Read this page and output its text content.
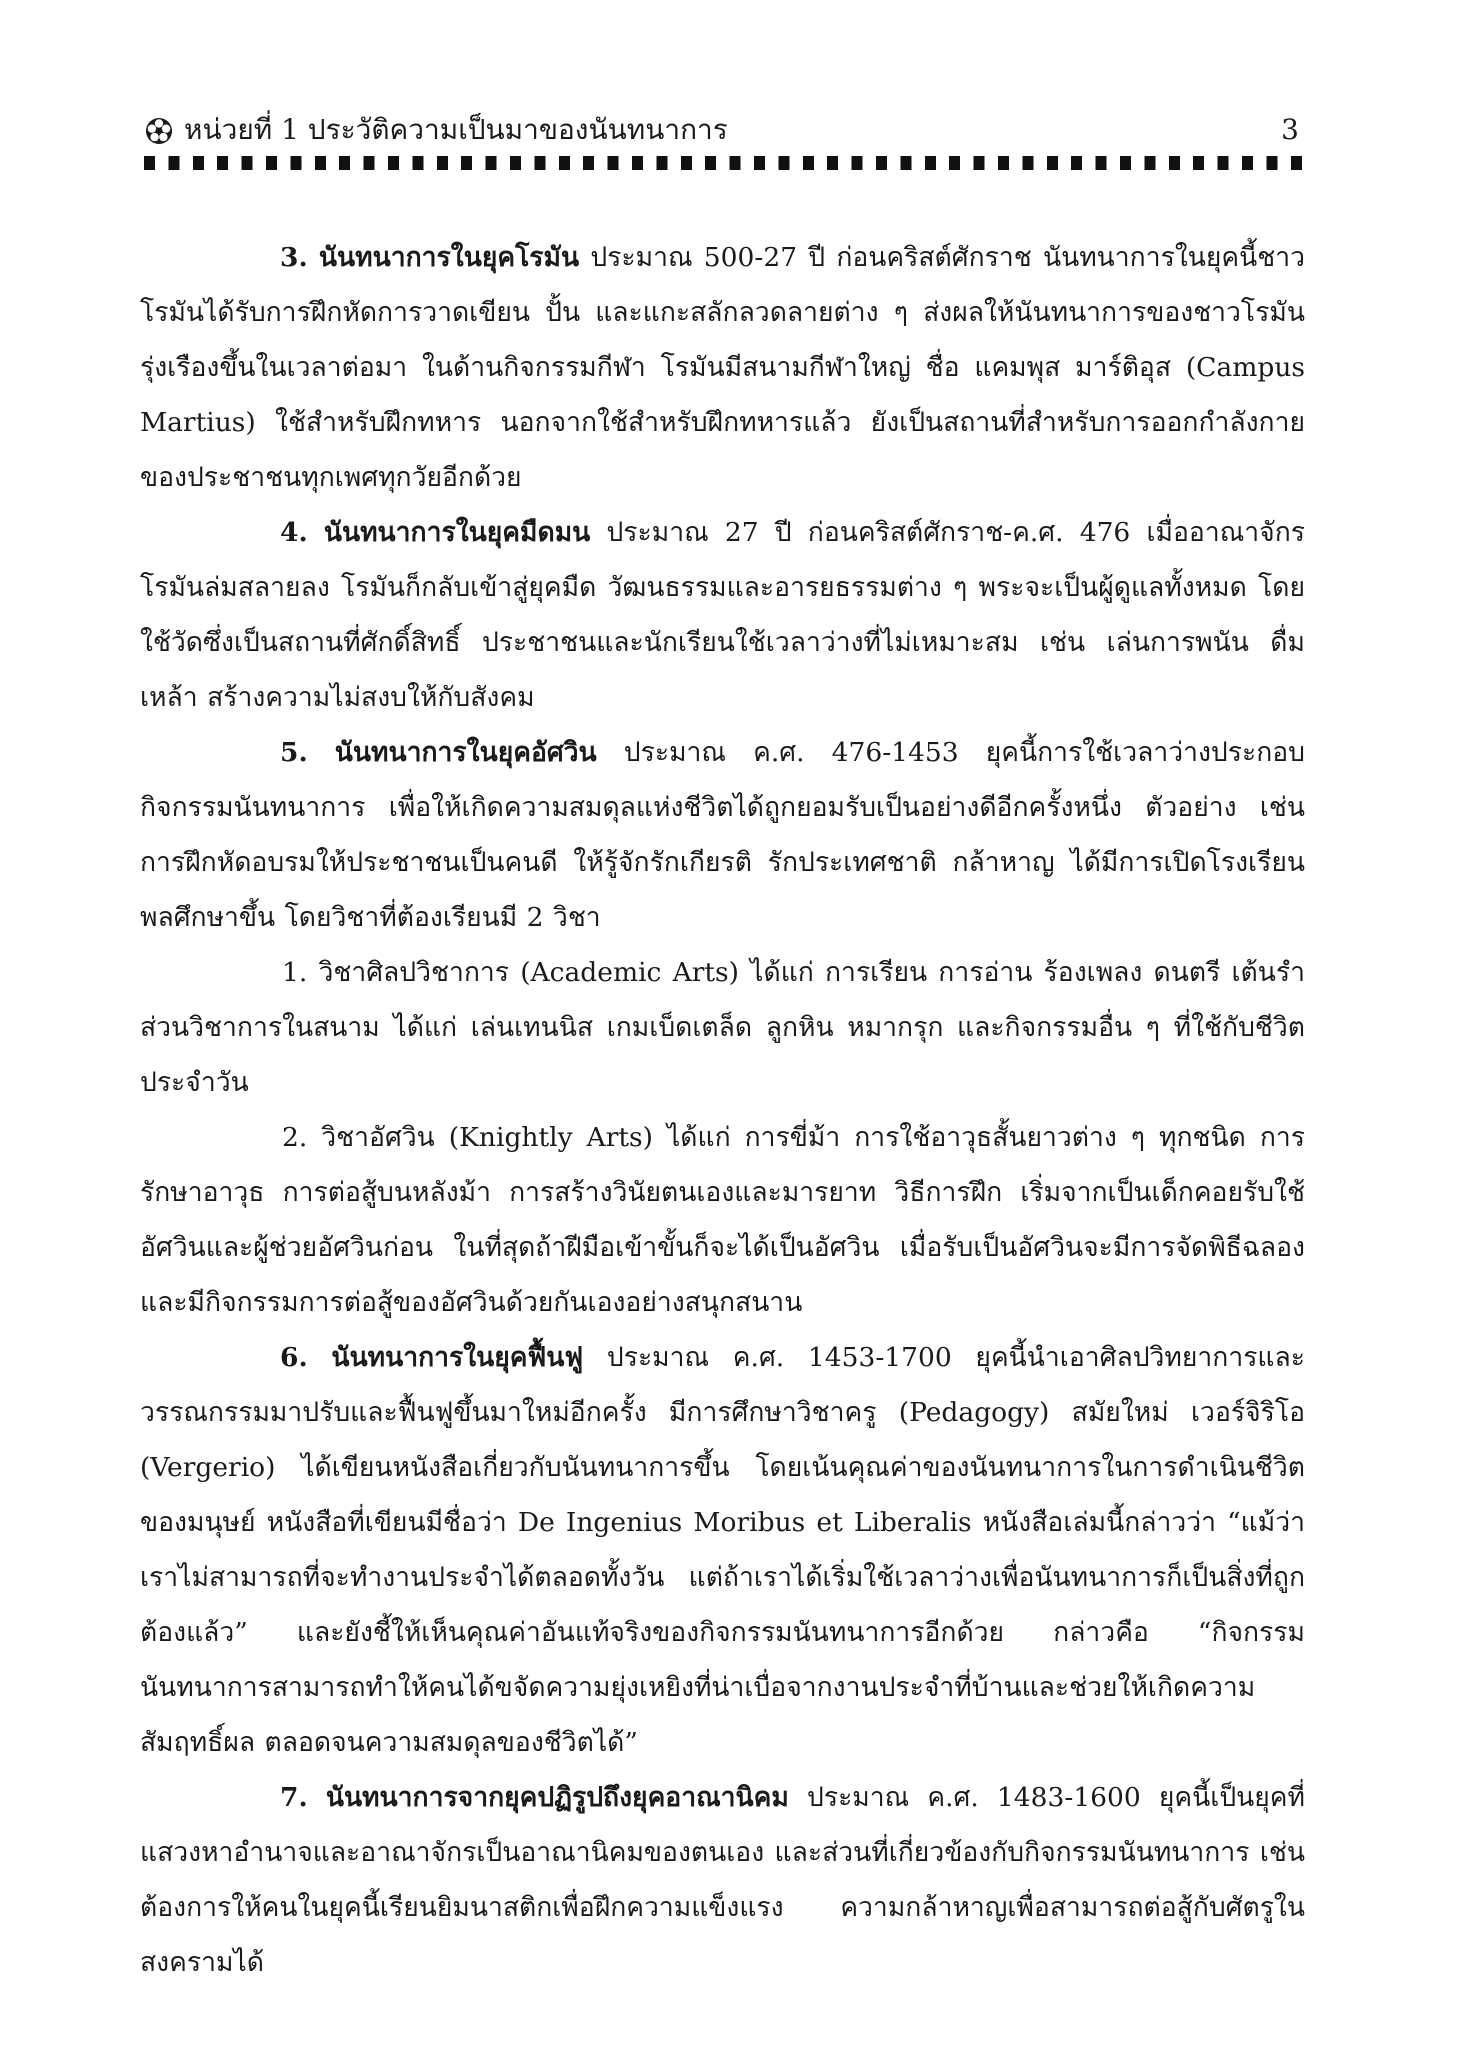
หน่วยที่ 1 ประวัติความเป็นมาของนันทนาการ	3

3. นันทนาการในยุคโรมัน ประมาณ 500-27 ปี ก่อนคริสต์ศักราช นันทนาการในยุคนี้ชาวโรมันได้รับการฝึกหัดการวาดเขียน ปั้น และแกะสลักลวดลายต่าง ๆ ส่งผลให้นันทนาการของชาวโรมันรุ่งเรืองขึ้นในเวลาต่อมา ในด้านกิจกรรมกีฬา โรมันมีสนามกีฬาใหญ่ ชื่อ แคมพุส มาร์ติอุส (Campus Martius) ใช้สำหรับฝึกทหาร นอกจากใช้สำหรับฝึกทหารแล้ว ยังเป็นสถานที่สำหรับการออกกำลังกายของประชาชนทุกเพศทุกวัยอีกด้วย

4. นันทนาการในยุคมืดมน ประมาณ 27 ปี ก่อนคริสต์ศักราช-ค.ศ. 476 เมื่ออาณาจักรโรมันล่มสลายลง โรมันก็กลับเข้าสู่ยุคมืด วัฒนธรรมและอารยธรรมต่าง ๆ พระจะเป็นผู้ดูแลทั้งหมด โดยใช้วัดซึ่งเป็นสถานที่ศักดิ์สิทธิ์ ประชาชนและนักเรียนใช้เวลาว่างที่ไม่เหมาะสม เช่น เล่นการพนัน ดื่มเหล้า สร้างความไม่สงบให้กับสังคม

5. นันทนาการในยุคอัศวิน ประมาณ ค.ศ. 476-1453 ยุคนี้การใช้เวลาว่างประกอบกิจกรรมนันทนาการ เพื่อให้เกิดความสมดุลแห่งชีวิตได้ถูกยอมรับเป็นอย่างดีอีกครั้งหนึ่ง ตัวอย่าง เช่น การฝึกหัดอบรมให้ประชาชนเป็นคนดี ให้รู้จักรักเกียรติ รักประเทศชาติ กล้าหาญ ได้มีการเปิดโรงเรียนพลศึกษาขึ้น โดยวิชาที่ต้องเรียนมี 2 วิชา

1. วิชาศิลปวิชาการ (Academic Arts) ได้แก่ การเรียน การอ่าน ร้องเพลง ดนตรี เต้นรำ ส่วนวิชาการในสนาม ได้แก่ เล่นเทนนิส เกมเบ็ดเตล็ด ลูกหิน หมากรุก และกิจกรรมอื่น ๆ ที่ใช้กับชีวิตประจำวัน

2. วิชาอัศวิน (Knightly Arts) ได้แก่ การขี่ม้า การใช้อาวุธสั้นยาวต่าง ๆ ทุกชนิด การรักษาอาวุธ การต่อสู้บนหลังม้า การสร้างวินัยตนเองและมารยาท วิธีการฝึก เริ่มจากเป็นเด็กคอยรับใช้อัศวินและผู้ช่วยอัศวินก่อน ในที่สุดถ้าฝีมือเข้าขั้นก็จะได้เป็นอัศวิน เมื่อรับเป็นอัศวินจะมีการจัดพิธีฉลอง และมีกิจกรรมการต่อสู้ของอัศวินด้วยกันเองอย่างสนุกสนาน

6. นันทนาการในยุคฟื้นฟู ประมาณ ค.ศ. 1453-1700 ยุคนี้นำเอาศิลปวิทยาการและวรรณกรรมมาปรับและฟื้นฟูขึ้นมาใหม่อีกครั้ง มีการศึกษาวิชาครู (Pedagogy) สมัยใหม่ เวอร์จิริโอ (Vergerio) ได้เขียนหนังสือเกี่ยวกับนันทนาการขึ้น โดยเน้นคุณค่าของนันทนาการในการดำเนินชีวิตของมนุษย์ หนังสือที่เขียนมีชื่อว่า De Ingenius Moribus et Liberalis หนังสือเล่มนี้กล่าวว่า “แม้ว่าเราไม่สามารถที่จะทำงานประจำได้ตลอดทั้งวัน แต่ถ้าเราได้เริ่มใช้เวลาว่างเพื่อนันทนาการก็เป็นสิ่งที่ถูกต้องแล้ว” และยังชี้ให้เห็นคุณค่าอันแท้จริงของกิจกรรมนันทนาการอีกด้วย กล่าวคือ “กิจกรรมนันทนาการสามารถทำให้คนได้ขจัดความยุ่งเหยิงที่น่าเบื่อจากงานประจำที่บ้านและช่วยให้เกิดความสัมฤทธิ์ผล ตลอดจนความสมดุลของชีวิตได้”

7. นันทนาการจากยุคปฏิรูปถึงยุคอาณานิคม ประมาณ ค.ศ. 1483-1600 ยุคนี้เป็นยุคที่แสวงหาอำนาจและอาณาจักรเป็นอาณานิคมของตนเอง และส่วนที่เกี่ยวข้องกับกิจกรรมนันทนาการ เช่น ต้องการให้คนในยุคนี้เรียนยิมนาสติกเพื่อฝึกความแข็งแรง ความกล้าหาญเพื่อสามารถต่อสู้กับศัตรูในสงครามได้
